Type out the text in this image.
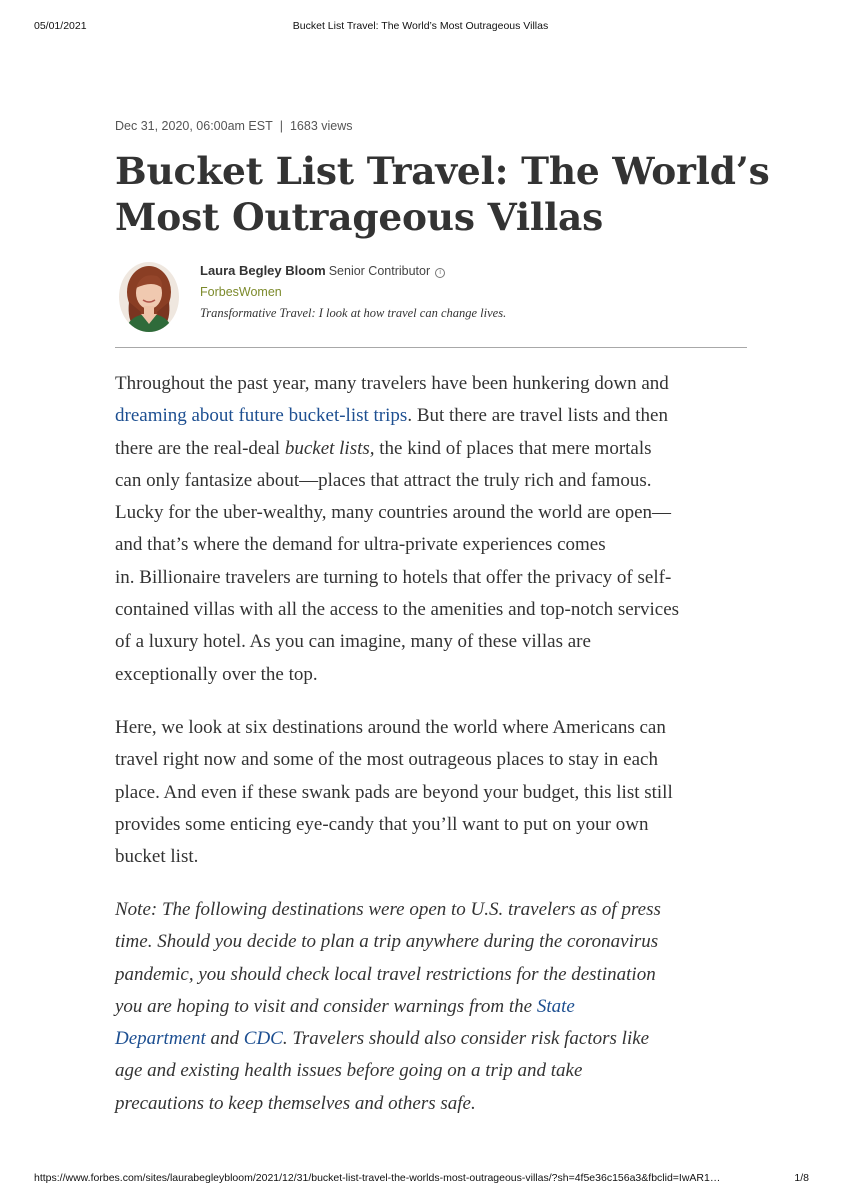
05/01/2021	Bucket List Travel: The World’s Most Outrageous Villas
Dec 31, 2020, 06:00am EST | 1683 views
Bucket List Travel: The World’s
Most Outrageous Villas
Laura Begley Bloom Senior Contributor i
ForbesWomen
Transformative Travel: I look at how travel can change lives.
Throughout the past year, many travelers have been hunkering down and
dreaming about future bucket-list trips. But there are travel lists and then
there are the real-deal bucket lists, the kind of places that mere mortals
can only fantasize about—places that attract the truly rich and famous.
Lucky for the uber-wealthy, many countries around the world are open—
and that’s where the demand for ultra-private experiences comes
in. Billionaire travelers are turning to hotels that offer the privacy of self-
contained villas with all the access to the amenities and top-notch services
of a luxury hotel. As you can imagine, many of these villas are
exceptionally over the top.
Here, we look at six destinations around the world where Americans can
travel right now and some of the most outrageous places to stay in each
place. And even if these swank pads are beyond your budget, this list still
provides some enticing eye-candy that you’ll want to put on your own
bucket list.
Note: The following destinations were open to U.S. travelers as of press
time. Should you decide to plan a trip anywhere during the coronavirus
pandemic, you should check local travel restrictions for the destination
you are hoping to visit and consider warnings from the State
Department and CDC. Travelers should also consider risk factors like
age and existing health issues before going on a trip and take
precautions to keep themselves and others safe.
https://www.forbes.com/sites/laurabegleybloom/2021/12/31/bucket-list-travel-the-worlds-most-outrageous-villas/?sh=4f5e36c156a3&fbclid=IwAR1…	1/8
